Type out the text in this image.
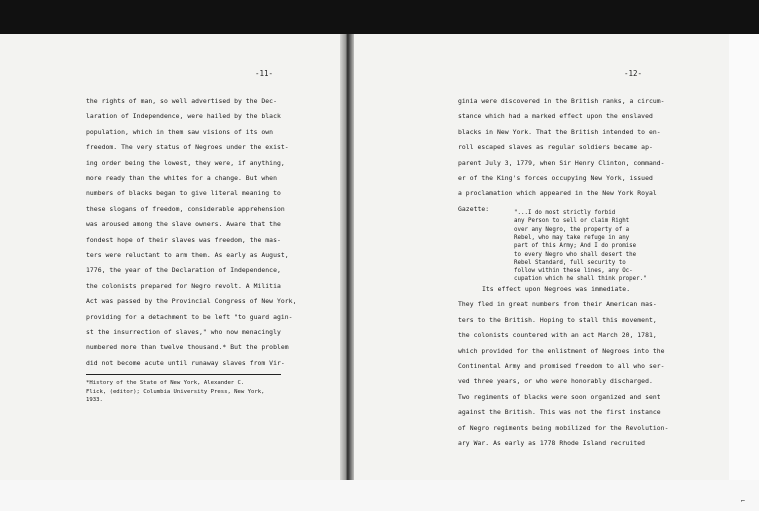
-11-
the rights of man, so well advertised by the Dec-
laration of Independence, were hailed by the black
population, which in them saw visions of its own
freedom. The very status of Negroes under the exist-
ing order being the lowest, they were, if anything,
more ready than the whites for a change. But when
numbers of blacks began to give literal meaning to
these slogans of freedom, considerable apprehension
was aroused among the slave owners. Aware that the
fondest hope of their slaves was freedom, the mas-
ters were reluctant to arm them. As early as August,
1776, the year of the Declaration of Independence,
the colonists prepared for Negro revolt. A Militia
Act was passed by the Provincial Congress of New York,
providing for a detachment to be left "to guard agin-
st the insurrection of slaves," who now menacingly
numbered more than twelve thousand.* But the problem
did not become acute until runaway slaves from Vir-
*History of the State of New York, Alexander C.
Flick, (editor); Columbia University Press, New York,
1933.
-12-
ginia were discovered in the British ranks, a circum-
stance which had a marked effect upon the enslaved
blacks in New York. That the British intended to en-
roll escaped slaves as regular soldiers became ap-
parent July 3, 1779, when Sir Henry Clinton, command-
er of the King's forces occupying New York, issued
a proclamation which appeared in the New York Royal
Gazette:
"...I do most strictly forbid
any Person to sell or claim Right
over any Negro, the property of a
Rebel, who may take refuge in any
part of this Army; And I do promise
to every Negro who shall desert the
Rebel Standard, full security to
follow within these lines, any Oc-
cupation which he shall think proper."
Its effect upon Negroes was immediate.
They fled in great numbers from their American mas-
ters to the British. Hoping to stall this movement,
the colonists countered with an act March 20, 1781,
which provided for the enlistment of Negroes into the
Continental Army and promised freedom to all who ser-
ved three years, or who were honorably discharged.
Two regiments of blacks were soon organized and sent
against the British. This was not the first instance
of Negro regiments being mobilized for the Revolution-
ary War. As early as 1778 Rhode Island recruited
⌐
